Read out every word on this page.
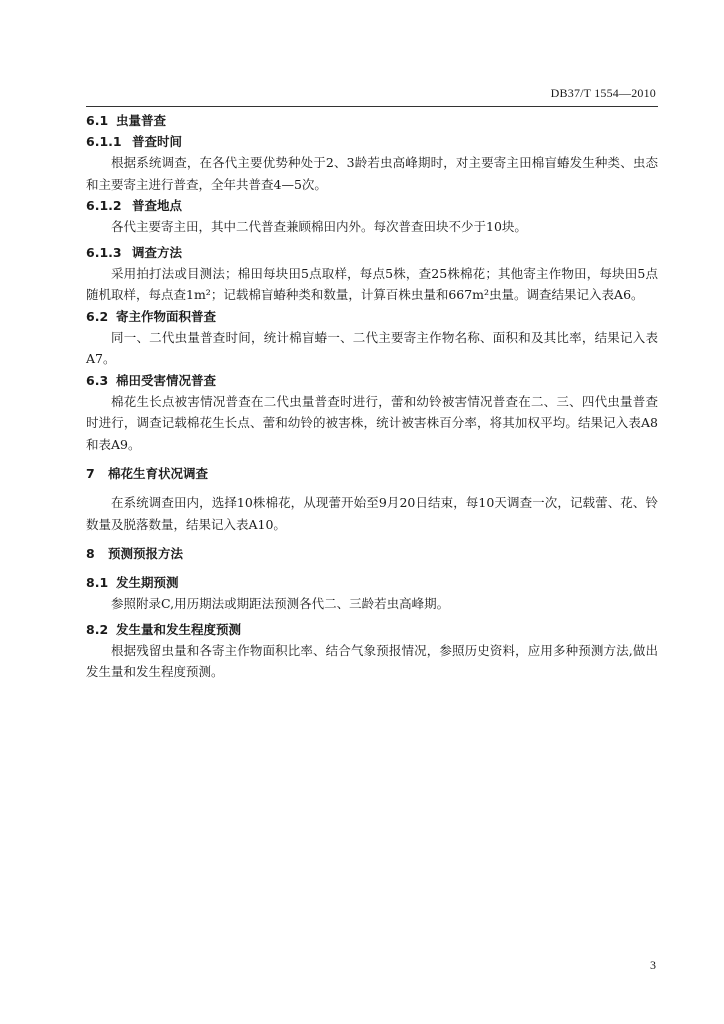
DB37/T 1554—2010
6.1 虫量普查
6.1.1 普查时间

根据系统调查，在各代主要优势种处于2、3龄若虫高峰期时，对主要寄主田棉盲蝽发生种类、虫态和主要寄主进行普查，全年共普查4—5次。

6.1.2 普查地点

各代主要寄主田，其中二代普查兼顾棉田内外。每次普查田块不少于10块。

6.1.3 调查方法

采用拍打法或目测法；棉田每块田5点取样，每点5株，查25株棉花；其他寄主作物田，每块田5点随机取样，每点查1m²；记载棉盲蝽种类和数量，计算百株虫量和667m²虫量。调查结果记入表A6。

6.2 寄主作物面积普查

同一、二代虫量普查时间，统计棉盲蝽一、二代主要寄主作物名称、面积和及其比率，结果记入表A7。

6.3 棉田受害情况普查

棉花生长点被害情况普查在二代虫量普查时进行，蕾和幼铃被害情况普查在二、三、四代虫量普查时进行，调查记载棉花生长点、蕾和幼铃的被害株，统计被害株百分率，将其加权平均。结果记入表A8和表A9。

7 棉花生育状况调查

在系统调查田内，选择10株棉花，从现蕾开始至9月20日结束，每10天调查一次，记载蕾、花、铃数量及脱落数量，结果记入表A10。

8 预测预报方法
8.1 发生期预测

参照附录C,用历期法或期距法预测各代二、三龄若虫高峰期。

8.2 发生量和发生程度预测

根据残留虫量和各寄主作物面积比率、结合气象预报情况，参照历史资料，应用多种预测方法,做出发生量和发生程度预测。

3
